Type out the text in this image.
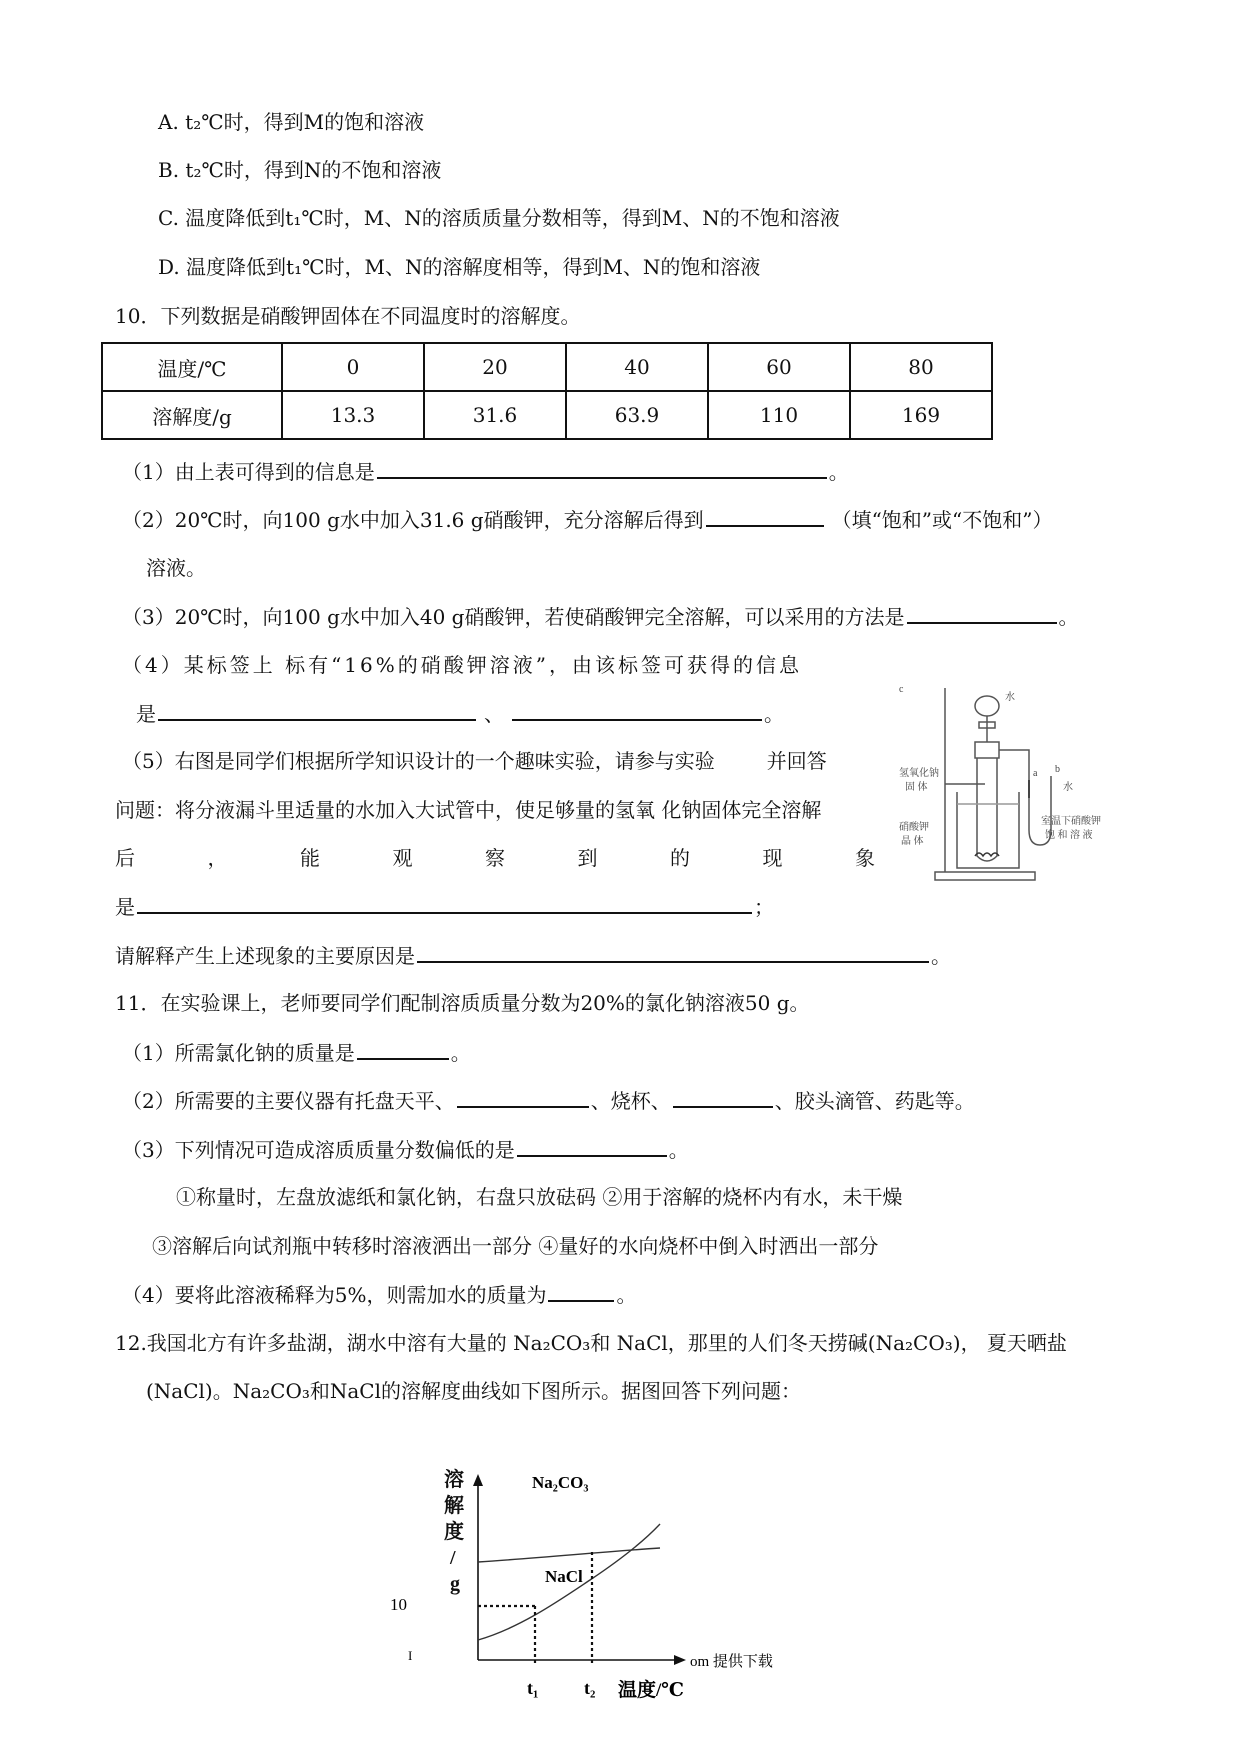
A. t₂℃时，得到M的饱和溶液
B. t₂℃时，得到N的不饱和溶液
C. 温度降低到t₁℃时，M、N的溶质质量分数相等，得到M、N的不饱和溶液
D. 温度降低到t₁℃时，M、N的溶解度相等，得到M、N的饱和溶液
10．下列数据是硝酸钾固体在不同温度时的溶解度。
温度/℃	0	20	40	60	80
溶解度/g	13.3	31.6	63.9	110	169
（1）由上表可得到的信息是	。
（2）20℃时，向100 g水中加入31.6 g硝酸钾，充分溶解后得到	（填“饱和”或“不饱和”）
溶液。
（3）20℃时，向100 g水中加入40 g硝酸钾，若使硝酸钾完全溶解，可以采用的方法是	。
（4）某标签上 标有“16%的硝酸钾溶液”，由该标签可获得的信息
是	、	。
（5）右图是同学们根据所学知识设计的一个趣味实验，请参与实验	并回答
问题：将分液漏斗里适量的水加入大试管中，使足够量的氢氧 化钠固体完全溶解
后	，	能	观	察	到	的	现	象
是	；
请解释产生上述现象的主要原因是	。
c
水
a b
水
氢氧化钠
固 体
硝酸钾
晶 体
室温下硝酸钾
饱 和 溶 液
11．在实验课上，老师要同学们配制溶质质量分数为20%的氯化钠溶液50 g。
（1）所需氯化钠的质量是	。
（2）所需要的主要仪器有托盘天平、	、烧杯、	、胶头滴管、药匙等。
（3）下列情况可造成溶质质量分数偏低的是	。
①称量时，左盘放滤纸和氯化钠，右盘只放砝码 ②用于溶解的烧杯内有水，未干燥
③溶解后向试剂瓶中转移时溶液洒出一部分 ④量好的水向烧杯中倒入时洒出一部分
（4）要将此溶液稀释为5%，则需加水的质量为	。
12.我国北方有许多盐湖，湖水中溶有大量的 Na₂CO₃和 NaCl，那里的人们冬天捞碱(Na₂CO₃)， 夏天晒盐
(NaCl)。Na₂CO₃和NaCl的溶解度曲线如下图所示。据图回答下列问题：
溶
解
度
/
g
Na₂CO₃
NaCl
10
I
t₁	t₂ 温度/℃
om 提供下载
